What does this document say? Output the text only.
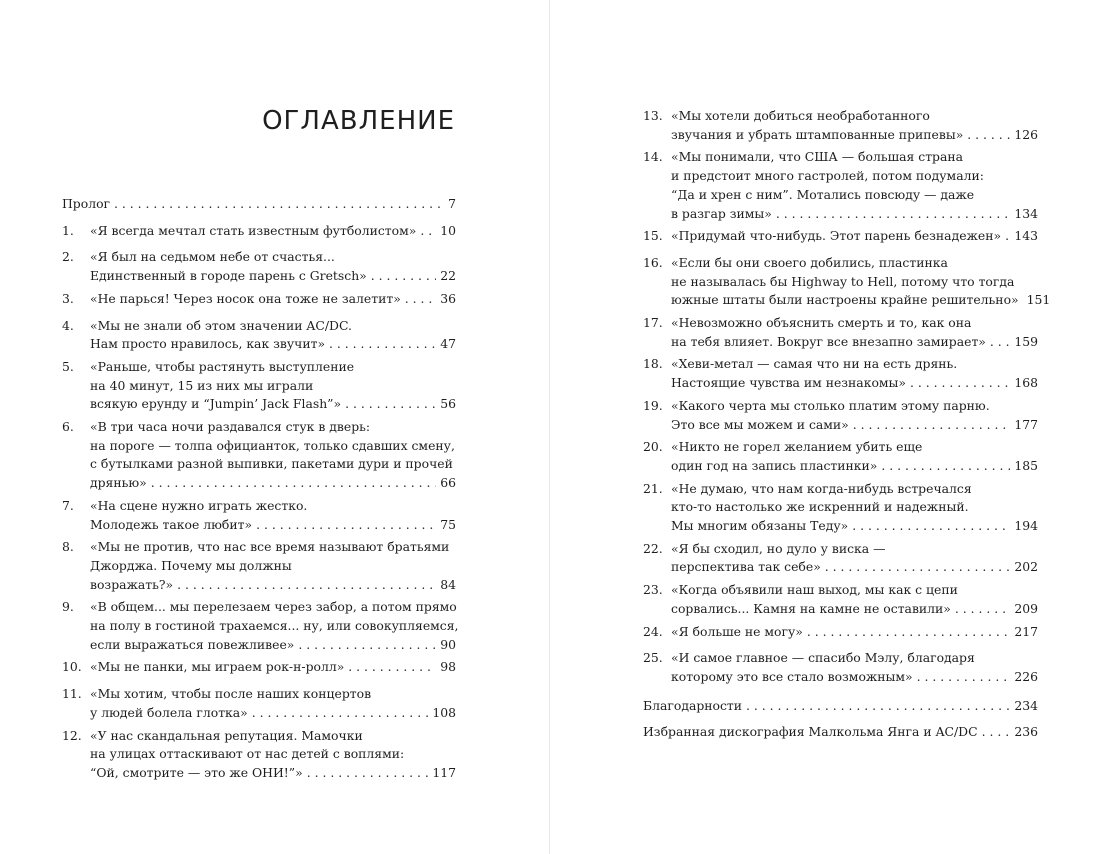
ОГЛАВЛЕНИЕ
Пролог . . .	7
1.	«Я всегда мечтал стать известным футболистом» . . . 10
2.	«Я был на седьмом небе от счастья...
Единственный в городе парень с Gretsch» . . .	22
3.	«Не парься! Через носок она тоже не залетит» . . .	36
4.	«Мы не знали об этом значении AC/DC.
Нам просто нравилось, как звучит» . . .	47
5.	«Раньше, чтобы растянуть выступление
на 40 минут, 15 из них мы играли
всякую ерунду и “Jumpin’ Jack Flash”» . . .	56
6.	«В три часа ночи раздавался стук в дверь:
на пороге — толпа официанток, только сдавших смену,
с бутылками разной выпивки, пакетами дури и прочей
дрянью» . . .	66
7.	«На сцене нужно играть жестко.
Молодежь такое любит» . . .	75
8.	«Мы не против, что нас все время называют братьями
Джорджа. Почему мы должны
возражать?» . . .	84
9.	«В общем... мы перелезаем через забор, а потом прямо
на полу в гостиной трахаемся... ну, или совокупляемся,
если выражаться повежливее» . . .	90
10. «Мы не панки, мы играем рок-н-ролл» . . .	98
11. «Мы хотим, чтобы после наших концертов
у людей болела глотка» . . .	108
12. «У нас скандальная репутация. Мамочки
на улицах оттаскивают от нас детей с воплями:
“Ой, смотрите — это же ОНИ!”» . . .	117
13. «Мы хотели добиться необработанного
звучания и убрать штампованные припевы» . . .	126
14. «Мы понимали, что США — большая страна
и предстоит много гастролей, потом подумали:
“Да и хрен с ним”. Мотались повсюду — даже
в разгар зимы» . . .	134
15. «Придумай что-нибудь. Этот парень безнадежен» . . . 143
16. «Если бы они своего добились, пластинка
не называлась бы Highway to Hell, потому что тогда
южные штаты были настроены крайне решительно» 151
17. «Невозможно объяснить смерть и то, как она
на тебя влияет. Вокруг все внезапно замирает» . . . 159
18. «Хеви-метал — самая что ни на есть дрянь.
Настоящие чувства им незнакомы» . . .	168
19. «Какого черта мы столько платим этому парню.
Это все мы можем и сами» . . .	177
20. «Никто не горел желанием убить еще
один год на запись пластинки» . . .	185
21. «Не думаю, что нам когда-нибудь встречался
кто-то настолько же искренний и надежный.
Мы многим обязаны Теду» . . .	194
22. «Я бы сходил, но дуло у виска —
перспектива так себе» . . .	202
23. «Когда объявили наш выход, мы как с цепи
сорвались... Камня на камне не оставили» . . .	209
24. «Я больше не могу» . . .	217
25. «И самое главное — спасибо Мэлу, благодаря
которому это все стало возможным» . . .	226
Благодарности . . .	234
Избранная дискография Малкольма Янга и AC/DC . . .	236
